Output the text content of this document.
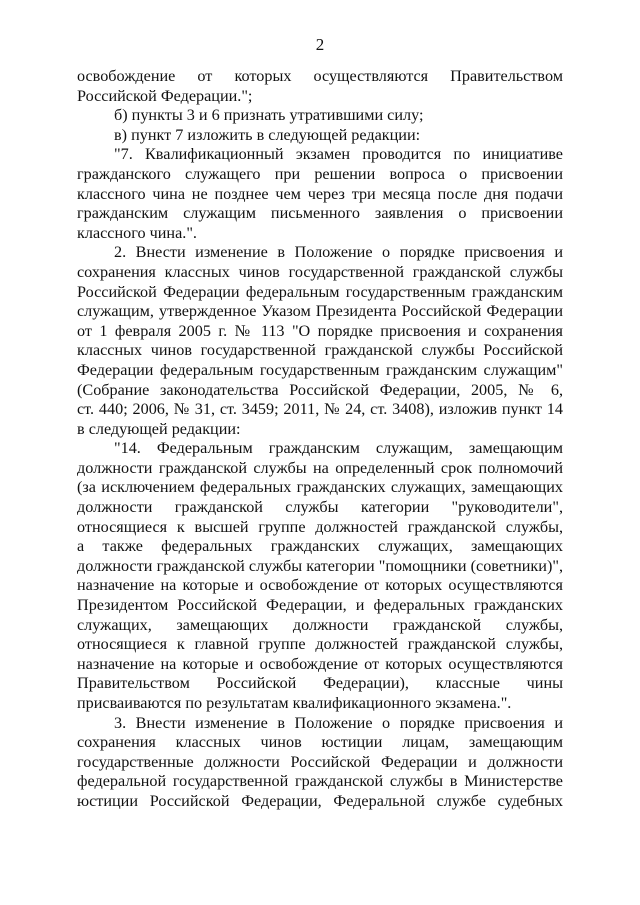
2
освобождение от которых осуществляются Правительством
Российской Федерации.";
б) пункты 3 и 6 признать утратившими силу;
в) пункт 7 изложить в следующей редакции:
"7. Квалификационный экзамен проводится по инициативе
гражданского служащего при решении вопроса о присвоении
классного чина не позднее чем через три месяца после дня подачи
гражданским служащим письменного заявления о присвоении
классного чина.".
2. Внести изменение в Положение о порядке присвоения и
сохранения классных чинов государственной гражданской службы
Российской Федерации федеральным государственным гражданским
служащим, утвержденное Указом Президента Российской Федерации
от 1 февраля 2005 г. № 113 "О порядке присвоения и сохранения
классных чинов государственной гражданской службы Российской
Федерации федеральным государственным гражданским служащим"
(Собрание законодательства Российской Федерации, 2005, № 6,
ст. 440; 2006, № 31, ст. 3459; 2011, № 24, ст. 3408), изложив пункт 14
в следующей редакции:
"14. Федеральным гражданским служащим, замещающим
должности гражданской службы на определенный срок полномочий
(за исключением федеральных гражданских служащих, замещающих
должности гражданской службы категории "руководители",
относящиеся к высшей группе должностей гражданской службы,
а также федеральных гражданских служащих, замещающих
должности гражданской службы категории "помощники (советники)",
назначение на которые и освобождение от которых осуществляются
Президентом Российской Федерации, и федеральных гражданских
служащих, замещающих должности гражданской службы,
относящиеся к главной группе должностей гражданской службы,
назначение на которые и освобождение от которых осуществляются
Правительством Российской Федерации), классные чины
присваиваются по результатам квалификационного экзамена.".
3. Внести изменение в Положение о порядке присвоения и
сохранения классных чинов юстиции лицам, замещающим
государственные должности Российской Федерации и должности
федеральной государственной гражданской службы в Министерстве
юстиции Российской Федерации, Федеральной службе судебных
